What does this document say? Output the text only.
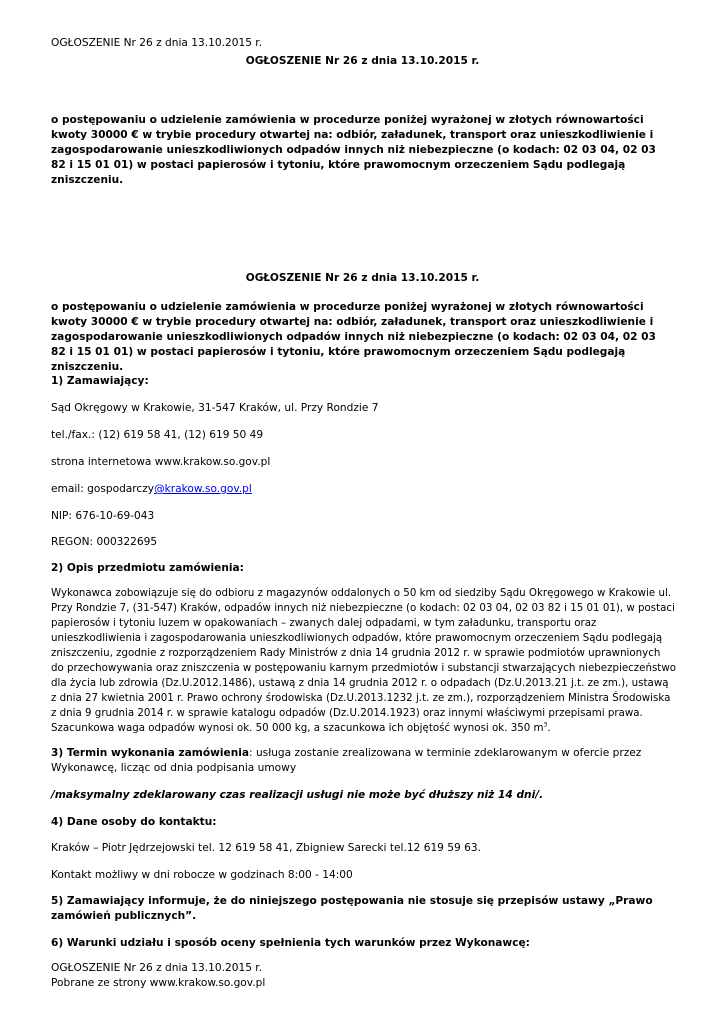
OGŁOSZENIE Nr 26 z dnia 13.10.2015 r.
OGŁOSZENIE Nr 26 z dnia 13.10.2015 r.
o postępowaniu o udzielenie zamówienia w procedurze poniżej wyrażonej w złotych równowartości kwoty 30000 € w trybie procedury otwartej na: odbiór, załadunek, transport oraz unieszkodliwienie i zagospodarowanie unieszkodliwionych odpadów innych niż niebezpieczne (o kodach: 02 03 04, 02 03 82 i 15 01 01) w postaci papierosów i tytoniu, które prawomocnym orzeczeniem Sądu podlegają zniszczeniu.
OGŁOSZENIE Nr 26 z dnia 13.10.2015 r.
o postępowaniu o udzielenie zamówienia w procedurze poniżej wyrażonej w złotych równowartości kwoty 30000 € w trybie procedury otwartej na: odbiór, załadunek, transport oraz unieszkodliwienie i zagospodarowanie unieszkodliwionych odpadów innych niż niebezpieczne (o kodach: 02 03 04, 02 03 82 i 15 01 01) w postaci papierosów i tytoniu, które prawomocnym orzeczeniem Sądu podlegają zniszczeniu.
1) Zamawiający:
Sąd Okręgowy w Krakowie, 31-547 Kraków, ul. Przy Rondzie 7
tel./fax.: (12) 619 58 41, (12) 619 50 49
strona internetowa www.krakow.so.gov.pl
email: gospodarczy@krakow.so.gov.pl
NIP: 676-10-69-043
REGON: 000322695
2) Opis przedmiotu zamówienia:
Wykonawca zobowiązuje się do odbioru z magazynów oddalonych o 50 km od siedziby Sądu Okręgowego w Krakowie ul. Przy Rondzie 7, (31-547) Kraków, odpadów innych niż niebezpieczne (o kodach: 02 03 04, 02 03 82 i 15 01 01), w postaci papierosów i tytoniu luzem w opakowaniach – zwanych dalej odpadami, w tym załadunku, transportu oraz unieszkodliwienia i zagospodarowania unieszkodliwionych odpadów, które prawomocnym orzeczeniem Sądu podlegają zniszczeniu, zgodnie z rozporządzeniem Rady Ministrów z dnia 14 grudnia 2012 r. w sprawie podmiotów uprawnionych do przechowywania oraz zniszczenia w postępowaniu karnym przedmiotów i substancji stwarzających niebezpieczeństwo dla życia lub zdrowia (Dz.U.2012.1486), ustawą z dnia 14 grudnia 2012 r. o odpadach (Dz.U.2013.21 j.t. ze zm.), ustawą z dnia 27 kwietnia 2001 r. Prawo ochrony środowiska (Dz.U.2013.1232 j.t. ze zm.), rozporządzeniem Ministra Środowiska z dnia 9 grudnia 2014 r. w sprawie katalogu odpadów (Dz.U.2014.1923) oraz innymi właściwymi przepisami prawa. Szacunkowa waga odpadów wynosi ok. 50 000 kg, a szacunkowa ich objętość wynosi ok. 350 $m^3$.
3) Termin wykonania zamówienia: usługa zostanie zrealizowana w terminie zdeklarowanym w ofercie przez Wykonawcę, licząc od dnia podpisania umowy
/maksymalny zdeklarowany czas realizacji usługi nie może być dłuższy niż 14 dni/.
4) Dane osoby do kontaktu:
Kraków – Piotr Jędrzejowski tel. 12 619 58 41, Zbigniew Sarecki tel.12 619 59 63.
Kontakt możliwy w dni robocze w godzinach 8:00 - 14:00
5) Zamawiający informuje, że do niniejszego postępowania nie stosuje się przepisów ustawy „Prawo zamówień publicznych”.
6) Warunki udziału i sposób oceny spełnienia tych warunków przez Wykonawcę:
OGŁOSZENIE Nr 26 z dnia 13.10.2015 r.
Pobrane ze strony www.krakow.so.gov.pl
